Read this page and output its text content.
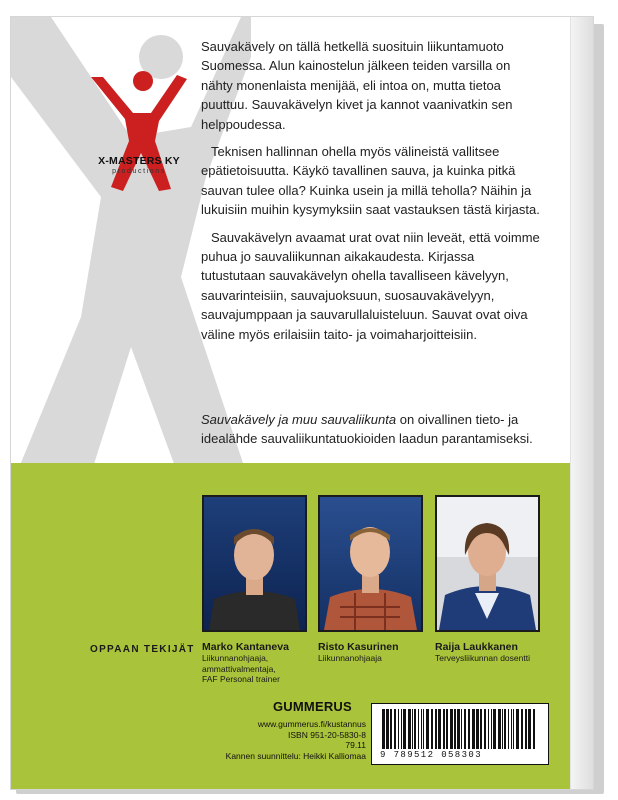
X-MASTERS KY
productions

Sauvakävely on tällä hetkellä suosituin liikuntamuoto Suomessa. Alun kainostelun jälkeen teiden varsilla on nähty monenlaista menijää, eli intoa on, mutta tietoa puuttuu. Sauvakävelyn kivet ja kannot vaanivatkin sen helppoudessa.

Teknisen hallinnan ohella myös välineistä vallitsee epätietoisuutta. Käykö tavallinen sauva, ja kuinka pitkä sauvan tulee olla? Kuinka usein ja millä teholla? Näihin ja lukuisiin muihin kysymyksiin saat vastauksen tästä kirjasta.

Sauvakävelyn avaamat urat ovat niin leveät, että voimme puhua jo sauvaliikunnan aikakaudesta. Kirjassa tutustutaan sauvakävelyn ohella tavalliseen kävelyyn, sauvarinteisiin, sauvajuoksuun, suosauvakävelyyn, sauvajumppaan ja sauvarullaluisteluun. Sauvat ovat oiva väline myös erilaisiin taito- ja voimaharjoitteisiin.

Sauvakävely ja muu sauvaliikunta on oivallinen tieto- ja idealähde sauvaliikuntatuokioiden laadun parantamiseksi.
OPPAAN TEKIJÄT Marko Kantaneva
Liikunnanohjaaja,
ammattivalmentaja,
FAF Personal trainer
Risto Kasurinen
Liikunnanohjaaja
Raija Laukkanen
Terveysliikunnan dosentti
GUMMERUS
www.gummerus.fi/kustannus
ISBN 951-20-5830-8
79.11
Kannen suunnittelu: Heikki Kalliomaa 9 789512 058303
